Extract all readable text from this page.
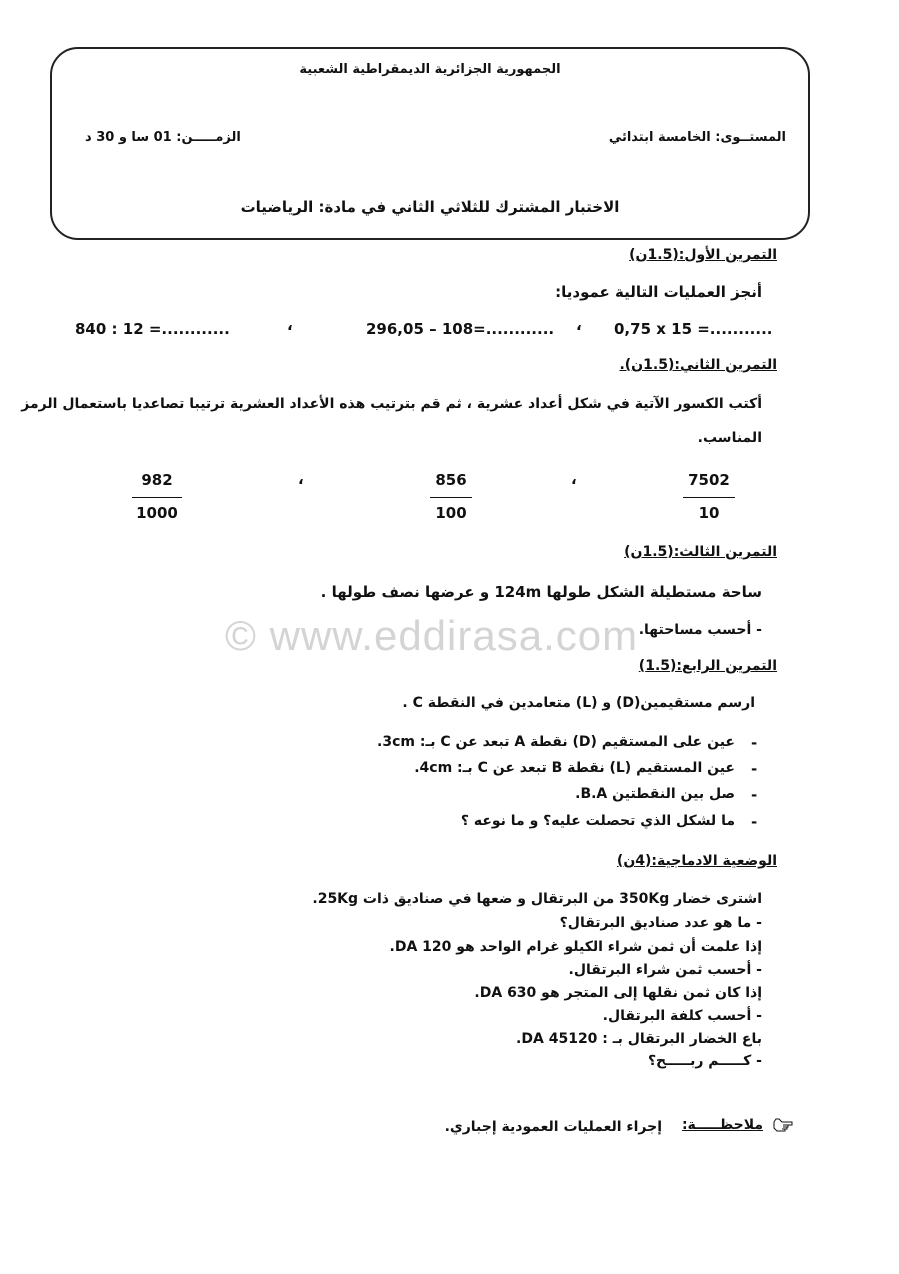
الجمهورية الجزائرية الديمقراطية الشعبية
المستــوى: الخامسة ابتدائي
الزمـــــن: 01 سا و 30 د
الاختبار المشترك للثلاثي الثاني في مادة: الرياضيات
التمرين الأول:(1.5ن)
أنجز العمليات التالية عموديا:
0,75 x 15 =...........
،
296,05 – 108=............
،
840 : 12 =............
التمرين الثاني:(1.5ن).
أكتب الكسور الآتية في شكل أعداد عشرية ، ثم قم بترتيب هذه الأعداد العشرية ترتيبا تصاعديا باستعمال الرمز
المناسب.
7502
10
،
856
100
،
982
1000
التمرين الثالث:(1.5ن)
ساحة مستطيلة الشكل طولها 124m و عرضها نصف طولها .
© www.eddirasa.com - أحسب مساحتها.
التمرين الرابع:(1.5)
ارسم مستقيمين(D) و (L) متعامدين في النقطة C .
-
عين على المستقيم (D) نقطة A تبعد عن C بـ: 3cm.
-
عين المستقيم (L) نقطة B تبعد عن C بـ: 4cm.
-
صل بين النقطتين B.A.
-
ما لشكل الذي تحصلت عليه؟ و ما نوعه ؟
الوضعية الادماجية:(4ن)
اشترى خضار 350Kg من البرتقال و ضعها في صناديق ذات 25Kg.
- ما هو عدد صناديق البرتقال؟
إذا علمت أن ثمن شراء الكيلو غرام الواحد هو 120 DA.
- أحسب ثمن شراء البرتقال.
إذا كان ثمن نقلها إلى المتجر هو 630 DA.
- أحسب كلفة البرتقال.
باع الخضار البرتقال بـ : 45120 DA.
- كـــــم ربـــــح؟
ملاحظـــــة:
إجراء العمليات العمودية إجباري.
